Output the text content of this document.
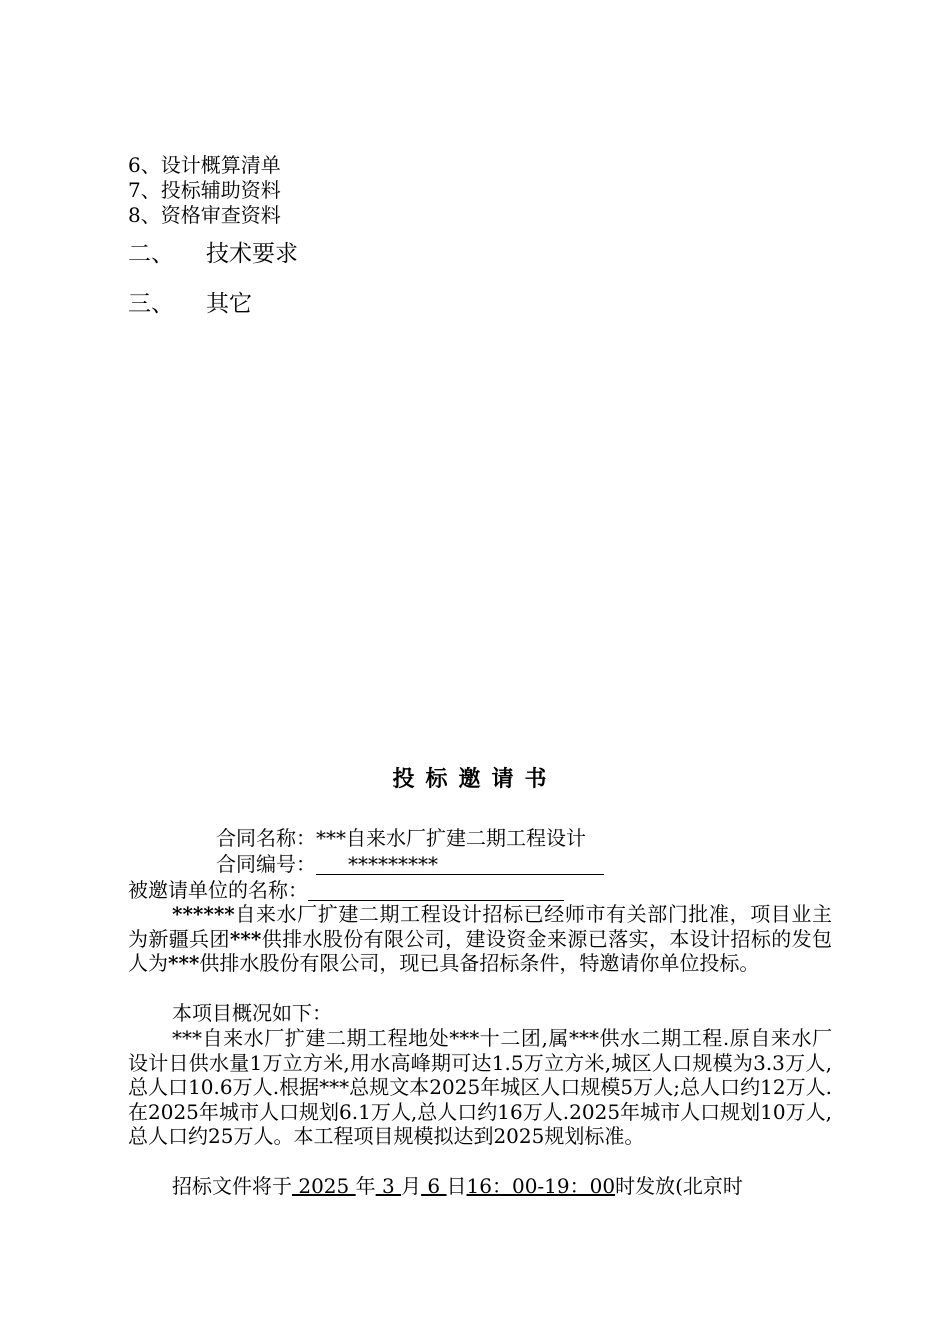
6、设计概算清单
7、投标辅助资料
8、资格审查资料
二、 技术要求
三、 其它
投标邀请书
合同名称：***自来水厂扩建二期工程设计
合同编号： *********
被邀请单位的名称：
******自来水厂扩建二期工程设计招标已经师市有关部门批准，项目业主为新疆兵团***供排水股份有限公司，建设资金来源已落实，本设计招标的发包人为***供排水股份有限公司，现已具备招标条件，特邀请你单位投标。
本项目概况如下：
***自来水厂扩建二期工程地处***十二团,属***供水二期工程.原自来水厂设计日供水量1万立方米,用水高峰期可达1.5万立方米,城区人口规模为3.3万人,总人口10.6万人.根据***总规文本2025年城区人口规模5万人;总人口约12万人.在2025年城市人口规划6.1万人,总人口约16万人.2025年城市人口规划10万人,总人口约25万人。本工程项目规模拟达到2025规划标准。
招标文件将于 2025 年 3 月 6 日16：00-19：00时发放(北京时
